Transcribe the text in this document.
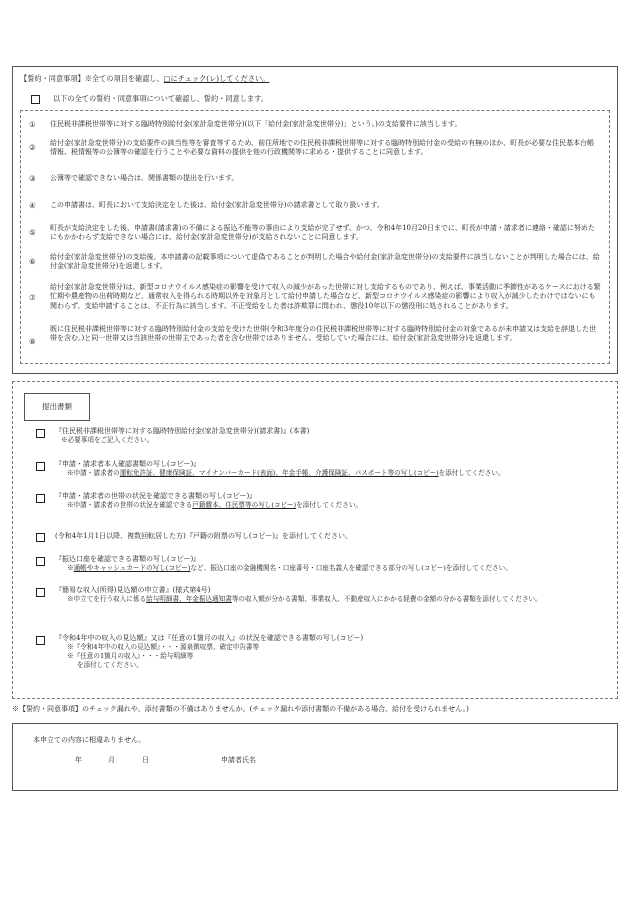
【誓約・同意事項】※全ての項目を確認し、□にチェック(レ)してください。
以下の全ての誓約・同意事項について確認し、誓約・同意します。
① 住民税非課税世帯等に対する臨時特別給付金(家計急変世帯分)(以下「給付金(家計急変世帯分)」という。)の支給要件に該当します。
② 給付金(家計急変世帯分)の支給要件の該当性等を審査等するため、前住所地での住民税非課税世帯等に対する臨時特別給付金の受給の有無のほか、町長が必要な住民基本台帳情報、税情報等の公簿等の確認を行うことや必要な資料の提供を他の行政機関等に求める・提供することに同意します。
③ 公簿等で確認できない場合は、関係書類の提出を行います。
④ この申請書は、町長において支給決定をした後は、給付金(家計急変世帯分)の請求書として取り扱います。
⑤ 町長が支給決定をした後、申請書(請求書)の不備による振込不能等の事由により支給が完了せず、かつ、令和4年10月20日までに、町長が申請・請求者に連絡・確認に努めたにもかかわらず支給できない場合には、給付金(家計急変世帯分)が支給されないことに同意します。
⑥ 給付金(家計急変世帯分)の支給後、本申請書の記載事項について虚偽であることが判明した場合や給付金(家計急変世帯分)の支給要件に該当しないことが判明した場合には、給付金(家計急変世帯分)を返還します。
⑦
給付金(家計急変世帯分)は、新型コロナウイルス感染症の影響を受けて収入の減少があった世帯に対し支給するものであり、例えば、事業活動に季節性があるケースにおける繁忙期や農産物の出荷時期など、通常収入を得られる時期以外を対象月として給付申請した場合など、新型コロナウイルス感染症の影響により収入が減少したわけではないにも関わらず、支給申請することは、不正行為に該当します。不正受給をした者は詐欺罪に問われ、懲役10年以下の懲役刑に処されることがあります。
⑧
既に住民税非課税世帯等に対する臨時特別給付金の支給を受けた世帯(令和3年度分の住民税非課税世帯等に対する臨時特別給付金の対象であるが未申請又は支給を辞退した世帯を含む。)と同一世帯又は当該世帯の世帯主であった者を含む世帯ではありません。受給していた場合には、給付金(家計急変世帯分)を返還します。
提出書類
『住民税非課税世帯等に対する臨時特別給付金(家計急変世帯分)(請求書)』(本書)
※必要事項をご記入ください。
『申請・請求者本人確認書類の写し(コピー)』
※申請・請求者の運転免許証、健康保険証、マイナンバーカード(表面)、年金手帳、介護保険証、パスポート等の写し(コピー)を添付してください。
『申請・請求者の世帯の状況を確認できる書類の写し(コピー)』
※申請・請求者の世帯の状況を確認できる戸籍謄本、住民票等の写し(コピー)を添付してください。
(令和4年1月1日以降、複数回転居した方)『戸籍の附票の写し(コピー)』を添付してください。
『振込口座を確認できる書類の写し(コピー)』
※通帳やキャッシュカードの写し(コピー)など、振込口座の金融機関名・口座番号・口座名義人を確認できる部分の写し(コピー)を添付してください。
『簡易な収入(所得)見込額の申立書』(様式第4号)
※申立てを行う収入に係る給与明細書、年金振込通知書等の収入額が分かる書類、事業収入、不動産収入にかかる経費の金額の分かる書類を添付してください。
『令和4年中の収入の見込額』又は『任意の1箇月の収入』の状況を確認できる書類の写し(コピー)
※『令和4年中の収入の見込額』・・・源泉徴収票、確定申告書等
※『任意の1箇月の収入』・・・給与明細等
を添付してください。
※【誓約・同意事項】のチェック漏れや、添付書類の不備はありませんか。(チェック漏れや添付書類の不備がある場合、給付を受けられません。)
本申立ての内容に相違ありません。
年	月	日	申請者氏名
